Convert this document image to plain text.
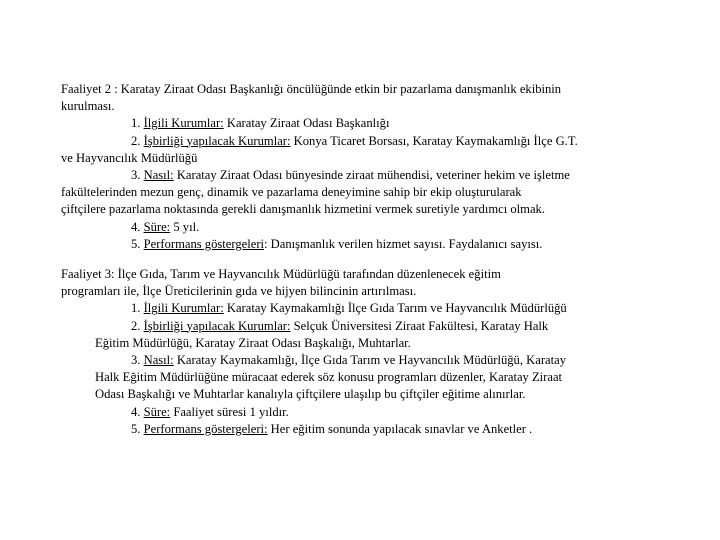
Faaliyet 2 : Karatay Ziraat Odası Başkanlığı öncülüğünde etkin bir pazarlama danışmanlık ekibinin
kurulması.
1. İlgili Kurumlar: Karatay Ziraat Odası Başkanlığı
2. İşbirliği yapılacak Kurumlar: Konya Ticaret Borsası, Karatay Kaymakamlığı İlçe G.T.
ve Hayvancılık Müdürlüğü
3. Nasıl: Karatay Ziraat Odası bünyesinde ziraat mühendisi, veteriner hekim ve işletme
fakültelerinden mezun genç, dinamik ve pazarlama deneyimine sahip bir ekip oluşturularak
çiftçilere pazarlama noktasında gerekli danışmanlık hizmetini vermek suretiyle yardımcı olmak.
4. Süre: 5 yıl.
5. Performans göstergeleri: Danışmanlık verilen hizmet sayısı. Faydalanıcı sayısı.
Faaliyet 3: İlçe Gıda, Tarım ve Hayvancılık Müdürlüğü tarafından düzenlenecek eğitim
programları ile, İlçe Üreticilerinin gıda ve hijyen bilincinin artırılması.
1. İlgili Kurumlar: Karatay Kaymakamlığı İlçe Gıda Tarım ve Hayvancılık Müdürlüğü
2. İşbirliği yapılacak Kurumlar: Selçuk Üniversitesi Ziraat Fakültesi, Karatay Halk
Eğitim Müdürlüğü, Karatay Ziraat Odası Başkalığı, Muhtarlar.
3. Nasıl: Karatay Kaymakamlığı, İlçe Gıda Tarım ve Hayvancılık Müdürlüğü, Karatay
Halk Eğitim Müdürlüğüne müracaat ederek söz konusu programları düzenler, Karatay Ziraat
Odası Başkalığı ve Muhtarlar kanalıyla çiftçilere ulaşılıp bu çiftçiler eğitime alınırlar.
4. Süre: Faaliyet süresi 1 yıldır.
5. Performans göstergeleri: Her eğitim sonunda yapılacak sınavlar ve Anketler .
